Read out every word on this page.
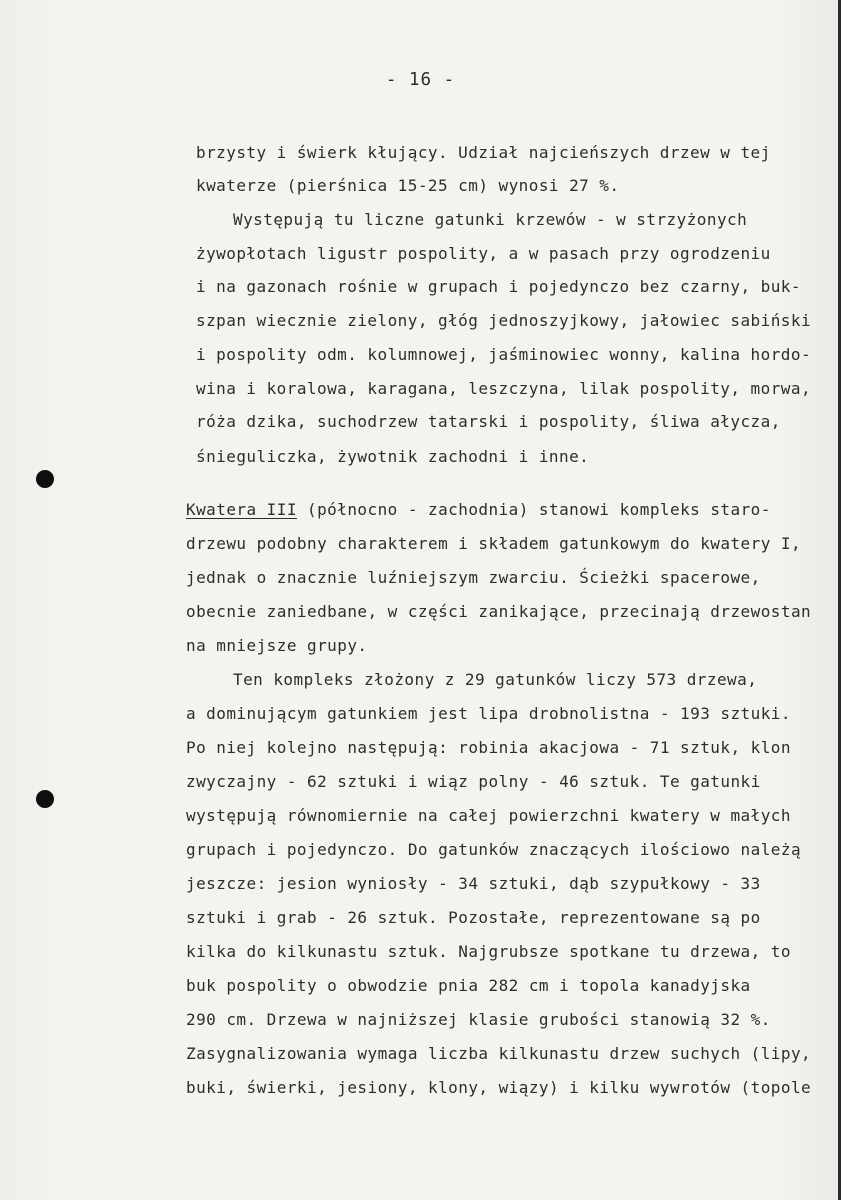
- 16 -
brzysty i świerk kłujący. Udział najcieńszych drzew w tej
kwaterze (pierśnica 15-25 cm) wynosi 27 %.
Występują tu liczne gatunki krzewów - w strzyżonych
żywopłotach ligustr pospolity, a w pasach przy ogrodzeniu
i na gazonach rośnie w grupach i pojedynczo bez czarny, buk-
szpan wiecznie zielony, głóg jednoszyjkowy, jałowiec sabiński
i pospolity odm. kolumnowej, jaśminowiec wonny, kalina hordo-
wina i koralowa, karagana, leszczyna, lilak pospolity, morwa,
róża dzika, suchodrzew tatarski i pospolity, śliwa ałycza,
śnieguliczka, żywotnik zachodni i inne.
Kwatera III (północno - zachodnia) stanowi kompleks staro-
drzewu podobny charakterem i składem gatunkowym do kwatery I,
jednak o znacznie luźniejszym zwarciu. Ścieżki spacerowe,
obecnie zaniedbane, w części zanikające, przecinają drzewostan
na mniejsze grupy.
Ten kompleks złożony z 29 gatunków liczy 573 drzewa,
a dominującym gatunkiem jest lipa drobnolistna - 193 sztuki.
Po niej kolejno następują: robinia akacjowa - 71 sztuk, klon
zwyczajny - 62 sztuki i wiąz polny - 46 sztuk. Te gatunki
występują równomiernie na całej powierzchni kwatery w małych
grupach i pojedynczo. Do gatunków znaczących ilościowo należą
jeszcze: jesion wyniosły - 34 sztuki, dąb szypułkowy - 33
sztuki i grab - 26 sztuk. Pozostałe, reprezentowane są po
kilka do kilkunastu sztuk. Najgrubsze spotkane tu drzewa, to
buk pospolity o obwodzie pnia 282 cm i topola kanadyjska
290 cm. Drzewa w najniższej klasie grubości stanowią 32 %.
Zasygnalizowania wymaga liczba kilkunastu drzew suchych (lipy,
buki, świerki, jesiony, klony, wiązy) i kilku wywrotów (topole
